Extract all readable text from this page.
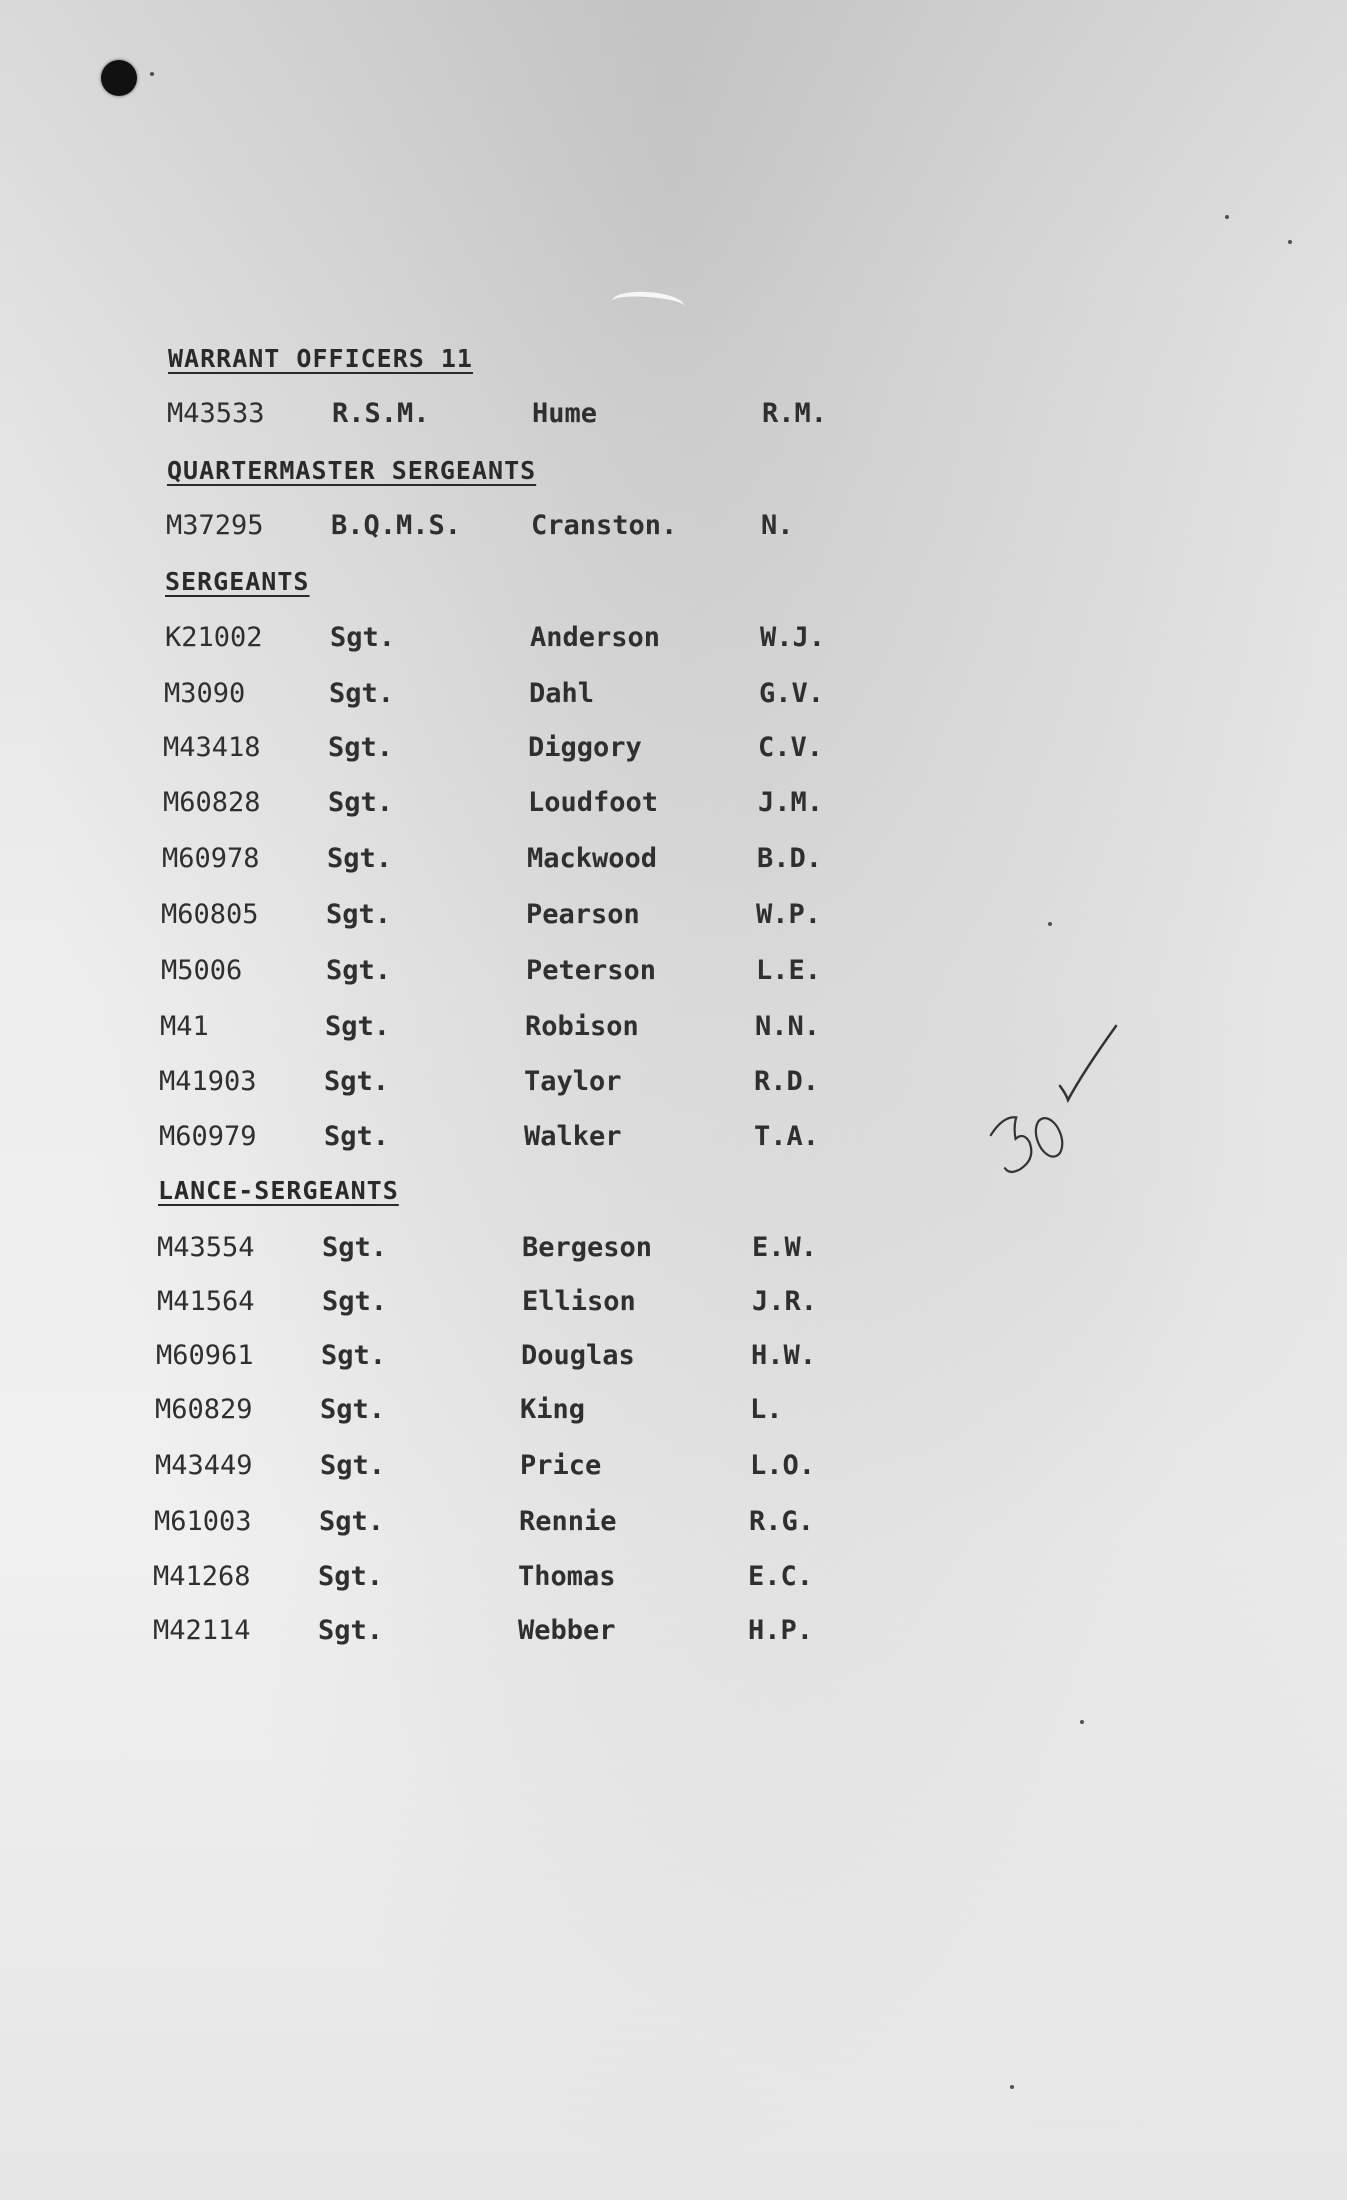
WARRANT OFFICERS 11
M43533 R.S.M.	Hume	R.M.
QUARTERMASTER SERGEANTS
M37295 B.Q.M.S.	Cranston.	N.
SERGEANTS
K21002 Sgt.	Anderson	W.J.
M3090	Sgt.	Dahl	G.V.
M43418 Sgt.	Diggory	C.V.
M60828 Sgt.	Loudfoot	J.M.
M60978 Sgt.	Mackwood	B.D.
M60805 Sgt.	Pearson	W.P.
M5006	Sgt.	Peterson	L.E.
M41	Sgt.	Robison	N.N.
M41903 Sgt.	Taylor	R.D.
M60979 Sgt.	Walker	T.A.
LANCE-SERGEANTS
M43554 Sgt.	Bergeson	E.W.
M41564 Sgt.	Ellison	J.R.
M60961 Sgt.	Douglas	H.W.
M60829 Sgt.	King	L.
M43449 Sgt.	Price	L.O.
M61003 Sgt.	Rennie	R.G.
M41268 Sgt.	Thomas	E.C.
M42114 Sgt.	Webber	H.P.
